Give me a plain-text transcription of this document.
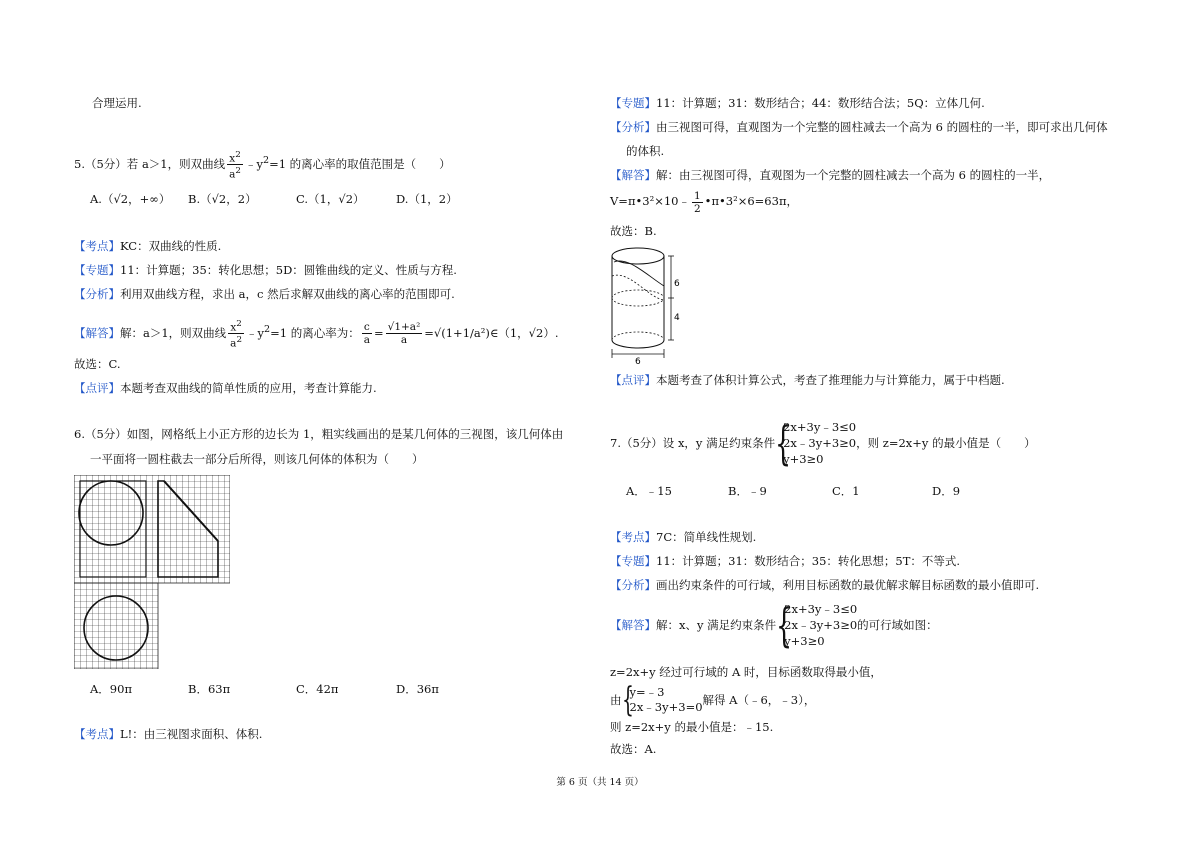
合理运用.
5.（5分）若 a＞1，则双曲线 $\frac{x^2}{a^2}$ $﹣y^2=1$ 的离心率的取值范围是（　　）
A.（√2，+∞） B.（√2，2）	C.（1，√2）	D.（1，2）
【考点】KC：双曲线的性质.
【专题】11：计算题；35：转化思想；5D：圆锥曲线的定义、性质与方程.
【分析】利用双曲线方程，求出 a，c 然后求解双曲线的离心率的范围即可.
【解答】解：a＞1，则双曲线 $\frac{x^2}{a^2}$ $﹣y^2=1$ 的离心率为： $\frac{c}{a} = \frac{\text{√1+a²}}{a}$ =√(1+1/a²)∈（1，√2）.
故选：C.
【点评】本题考查双曲线的简单性质的应用，考查计算能力.
6.（5分）如图，网格纸上小正方形的边长为 1，粗实线画出的是某几何体的三视图，该几何体由
一平面将一圆柱截去一部分后所得，则该几何体的体积为（　　）
A．90π	B．63π	C．42π	D．36π
【考点】L!：由三视图求面积、体积.
【专题】11：计算题；31：数形结合；44：数形结合法；5Q：立体几何.
【分析】由三视图可得，直观图为一个完整的圆柱减去一个高为 6 的圆柱的一半，即可求出几何体
的体积.
【解答】解：由三视图可得，直观图为一个完整的圆柱减去一个高为 6 的圆柱的一半，
V=π•3²×10﹣ $\frac{1}{2}$ •π•3²×6=63π，
故选：B.
6
4
6
【点评】本题考查了体积计算公式，考查了推理能力与计算能力，属于中档题.
7.（5分）设 x，y 满足约束条件{
2x+3y﹣3≤0
2x﹣3y+3≥0
y+3≥0
，则 z=2x+y 的最小值是（　　）
A．﹣15	B．﹣9	C．1	D．9
【考点】7C：简单线性规划.
【专题】11：计算题；31：数形结合；35：转化思想；5T：不等式.
【分析】画出约束条件的可行域，利用目标函数的最优解求解目标函数的最小值即可.
【解答】解：x、y 满足约束条件{
2x+3y﹣3≤0
2x﹣3y+3≥0
y+3≥0
的可行域如图：
z=2x+y 经过可行域的 A 时，目标函数取得最小值，
由{
y=﹣3
2x﹣3y+3=0 解得 A（﹣6，﹣3），
则 z=2x+y 的最小值是：﹣15.
故选：A.
第 6 页（共 14 页）
